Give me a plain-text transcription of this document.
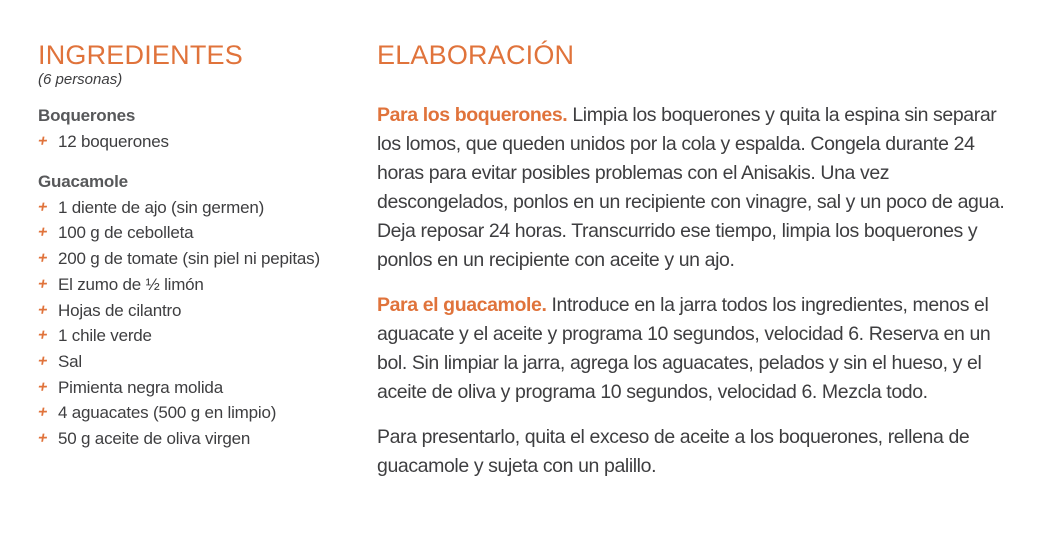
INGREDIENTES
(6 personas)
Boquerones
+ 12 boquerones
Guacamole
+ 1 diente de ajo (sin germen)
+ 100 g de cebolleta
+ 200 g de tomate (sin piel ni pepitas)
+ El zumo de ½ limón
+ Hojas de cilantro
+ 1 chile verde
+ Sal
+ Pimienta negra molida
+ 4 aguacates (500 g en limpio)
+ 50 g aceite de oliva virgen
ELABORACIÓN

Para los boquerones. Limpia los boquerones y quita la espina sin separar los lomos, que queden unidos por la cola y espalda. Congela durante 24 horas para evitar posibles problemas con el Anisakis. Una vez descongelados, ponlos en un recipiente con vinagre, sal y un poco de agua. Deja reposar 24 horas. Transcurrido ese tiempo, limpia los boquerones y ponlos en un recipiente con aceite y un ajo.

Para el guacamole. Introduce en la jarra todos los ingredientes, menos el aguacate y el aceite y programa 10 segundos, velocidad 6. Reserva en un bol. Sin limpiar la jarra, agrega los aguacates, pelados y sin el hueso, y el aceite de oliva y programa 10 segundos, velocidad 6. Mezcla todo.

Para presentarlo, quita el exceso de aceite a los boquerones, rellena de guacamole y sujeta con un palillo.
